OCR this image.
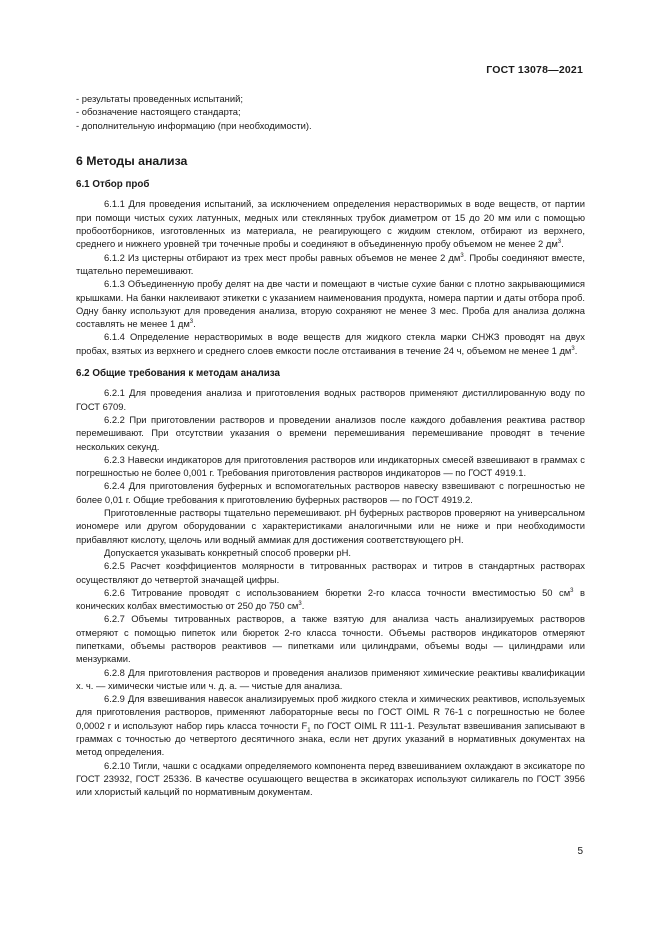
ГОСТ 13078—2021

- результаты проведенных испытаний;

- обозначение настоящего стандарта;

- дополнительную информацию (при необходимости).

6 Методы анализа
6.1 Отбор проб

6.1.1 Для проведения испытаний, за исключением определения нерастворимых в воде веществ, от партии при помощи чистых сухих латунных, медных или стеклянных трубок диаметром от 15 до 20 мм или с помощью пробоотборников, изготовленных из материала, не реагирующего с жидким стеклом, отбирают из верхнего, среднего и нижнего уровней три точечные пробы и соединяют в объединенную пробу объемом не менее 2 $дм^3$.

6.1.2 Из цистерны отбирают из трех мест пробы равных объемов не менее 2 $дм^3$. Пробы соединяют вместе, тщательно перемешивают.

6.1.3 Объединенную пробу делят на две части и помещают в чистые сухие банки с плотно закрывающимися крышками. На банки наклеивают этикетки с указанием наименования продукта, номера партии и даты отбора проб. Одну банку используют для проведения анализа, вторую сохраняют не менее 3 мес. Проба для анализа должна составлять не менее 1 $дм^3$.

6.1.4 Определение нерастворимых в воде веществ для жидкого стекла марки СНЖЗ проводят на двух пробах, взятых из верхнего и среднего слоев емкости после отстаивания в течение 24 ч, объемом не менее 1 $дм^3$.

6.2 Общие требования к методам анализа

6.2.1 Для проведения анализа и приготовления водных растворов применяют дистиллированную воду по ГОСТ 6709.

6.2.2 При приготовлении растворов и проведении анализов после каждого добавления реактива раствор перемешивают. При отсутствии указания о времени перемешивания перемешивание проводят в течение нескольких секунд.

6.2.3 Навески индикаторов для приготовления растворов или индикаторных смесей взвешивают в граммах с погрешностью не более 0,001 г. Требования приготовления растворов индикаторов — по ГОСТ 4919.1.

6.2.4 Для приготовления буферных и вспомогательных растворов навеску взвешивают с погрешностью не более 0,01 г. Общие требования к приготовлению буферных растворов — по ГОСТ 4919.2.

Приготовленные растворы тщательно перемешивают. pH буферных растворов проверяют на универсальном иономере или другом оборудовании с характеристиками аналогичными или не ниже и при необходимости прибавляют кислоту, щелочь или водный аммиак для достижения соответствующего pH.

Допускается указывать конкретный способ проверки pH.

6.2.5 Расчет коэффициентов молярности в титрованных растворах и титров в стандартных растворах осуществляют до четвертой значащей цифры.

6.2.6 Титрование проводят с использованием бюретки 2-го класса точности вместимостью 50 $см^3$ в конических колбах вместимостью от 250 до 750 $см^3$.

6.2.7 Объемы титрованных растворов, а также взятую для анализа часть анализируемых растворов отмеряют с помощью пипеток или бюреток 2-го класса точности. Объемы растворов индикаторов отмеряют пипетками, объемы растворов реактивов — пипетками или цилиндрами, объемы воды — цилиндрами или мензурками.

6.2.8 Для приготовления растворов и проведения анализов применяют химические реактивы квалификации х. ч. — химически чистые или ч. д. а. — чистые для анализа.

6.2.9 Для взвешивания навесок анализируемых проб жидкого стекла и химических реактивов, используемых для приготовления растворов, применяют лабораторные весы по ГОСТ OIML R 76-1 с погрешностью не более 0,0002 г и используют набор гирь класса точности $F_1$ по ГОСТ OIML R 111-1. Результат взвешивания записывают в граммах с точностью до четвертого десятичного знака, если нет других указаний в нормативных документах на метод определения.

6.2.10 Тигли, чашки с осадками определяемого компонента перед взвешиванием охлаждают в эксикаторе по ГОСТ 23932, ГОСТ 25336. В качестве осушающего вещества в эксикаторах используют силикагель по ГОСТ 3956 или хлористый кальций по нормативным документам.

5
